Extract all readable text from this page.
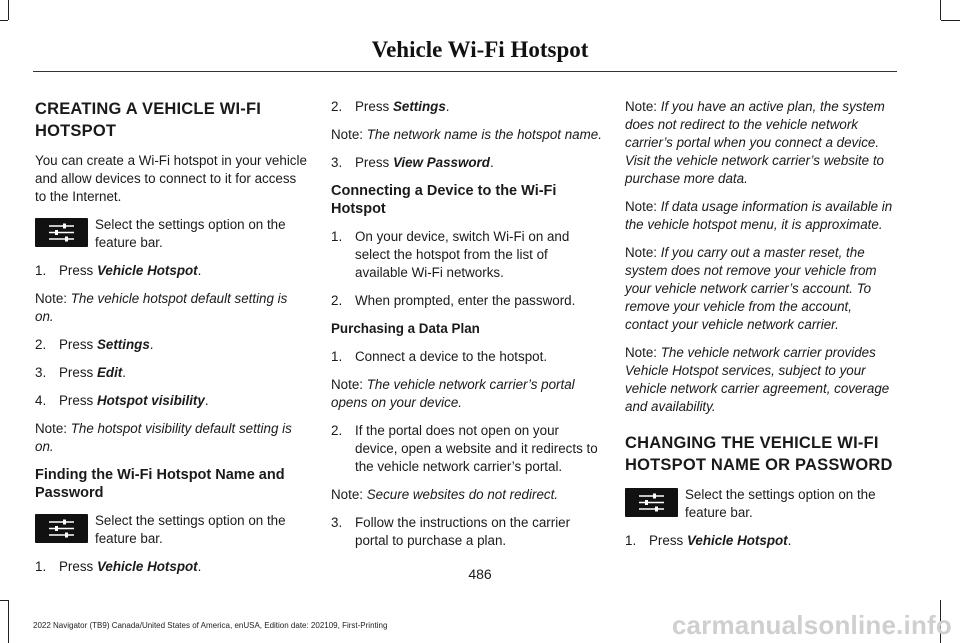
Vehicle Wi-Fi Hotspot
CREATING A VEHICLE WI-FI HOTSPOT

You can create a Wi-Fi hotspot in your vehicle and allow devices to connect to it for access to the Internet.

Select the settings option on the feature bar.
1. Press Vehicle Hotspot.

Note: The vehicle hotspot default setting is on.

2. Press Settings.
3. Press Edit.
4. Press Hotspot visibility.

Note: The hotspot visibility default setting is on.

Finding the Wi-Fi Hotspot Name and Password
Select the settings option on the feature bar.
1. Press Vehicle Hotspot.
2. Press Settings.

Note: The network name is the hotspot name.

3. Press View Password.
Connecting a Device to the Wi-Fi Hotspot
1. On your device, switch Wi-Fi on and select the hotspot from the list of available Wi-Fi networks.
2. When prompted, enter the password.
Purchasing a Data Plan
1. Connect a device to the hotspot.

Note: The vehicle network carrier’s portal opens on your device.

2. If the portal does not open on your device, open a website and it redirects to the vehicle network carrier’s portal.

Note: Secure websites do not redirect.

3. Follow the instructions on the carrier portal to purchase a plan.

Note: If you have an active plan, the system does not redirect to the vehicle network carrier’s portal when you connect a device. Visit the vehicle network carrier’s website to purchase more data.

Note: If data usage information is available in the vehicle hotspot menu, it is approximate.

Note: If you carry out a master reset, the system does not remove your vehicle from your vehicle network carrier’s account. To remove your vehicle from the account, contact your vehicle network carrier.

Note: The vehicle network carrier provides Vehicle Hotspot services, subject to your vehicle network carrier agreement, coverage and availability.

CHANGING THE VEHICLE WI-FI HOTSPOT NAME OR PASSWORD
Select the settings option on the feature bar.
1. Press Vehicle Hotspot.
486
2022 Navigator (TB9) Canada/United States of America, enUSA, Edition date: 202109, First-Printing	carmanualsonline.info
